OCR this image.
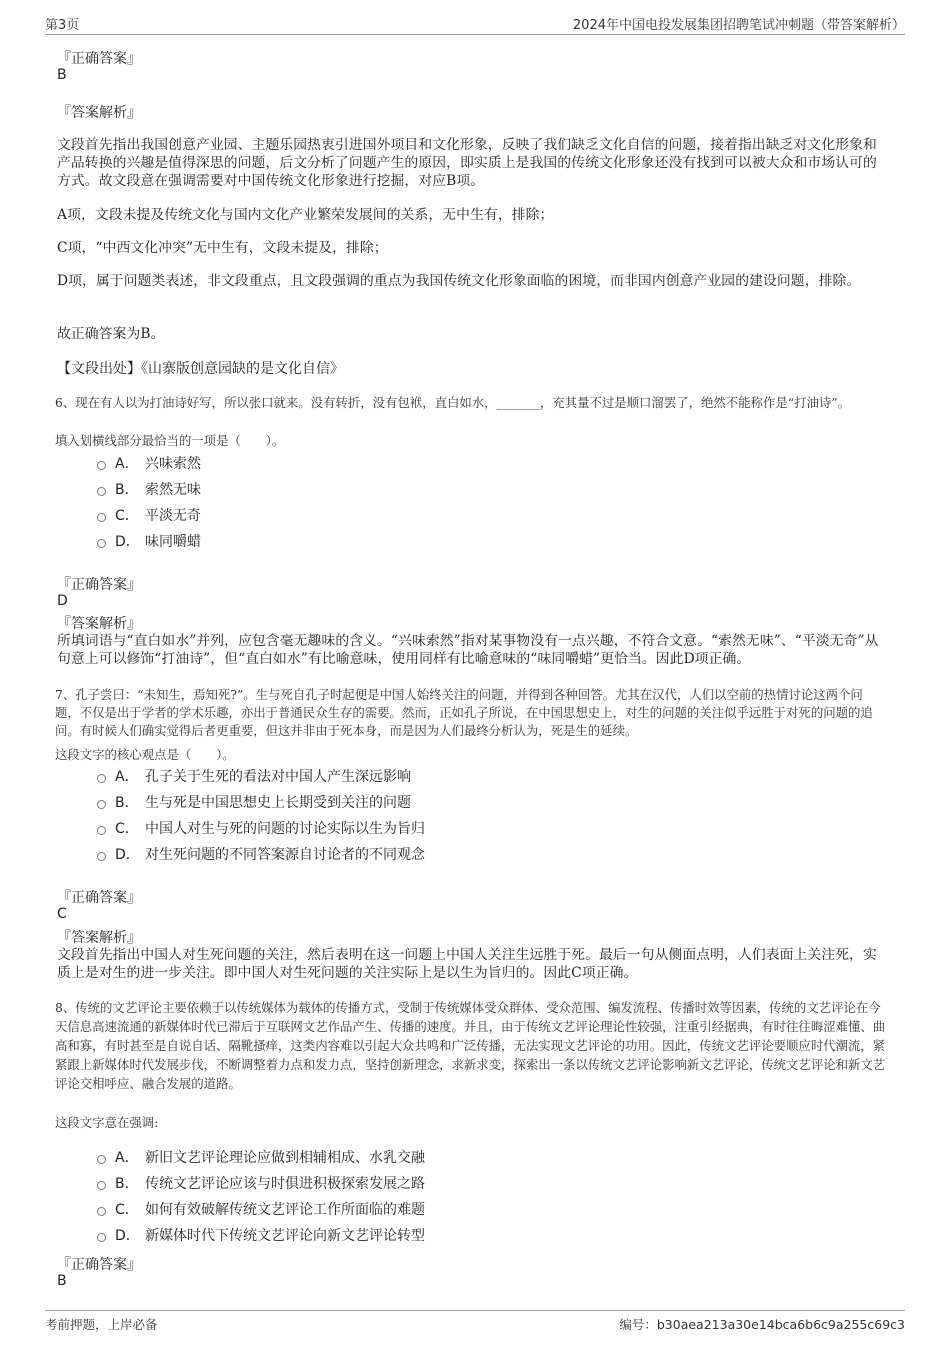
第3页	2024年中国电投发展集团招聘笔试冲刺题（带答案解析）
『正确答案』
B
『答案解析』
文段首先指出我国创意产业园、主题乐园热衷引进国外项目和文化形象，反映了我们缺乏文化自信的问题，接着指出缺乏对文化形象和产品转换的兴趣是值得深思的问题，后文分析了问题产生的原因，即实质上是我国的传统文化形象还没有找到可以被大众和市场认可的方式。故文段意在强调需要对中国传统文化形象进行挖掘，对应B项。
A项，文段未提及传统文化与国内文化产业繁荣发展间的关系，无中生有，排除；
C项，“中西文化冲突”无中生有，文段未提及，排除；
D项，属于问题类表述，非文段重点，且文段强调的重点为我国传统文化形象面临的困境，而非国内创意产业园的建设问题，排除。
故正确答案为B。
【文段出处】《山寨版创意园缺的是文化自信》
6、现在有人以为打油诗好写，所以张口就来。没有转折，没有包袱，直白如水，_______，充其量不过是顺口溜罢了，绝然不能称作是“打油诗”。
填入划横线部分最恰当的一项是（　　）。
A． 兴味索然
B． 索然无味
C． 平淡无奇
D． 味同嚼蜡
『正确答案』
D
『答案解析』
所填词语与“直白如水”并列，应包含毫无趣味的含义。“兴味索然”指对某事物没有一点兴趣，不符合文意。“索然无味”、“平淡无奇”从句意上可以修饰“打油诗”，但“直白如水”有比喻意味，使用同样有比喻意味的“味同嚼蜡”更恰当。因此D项正确。
7、孔子尝曰：“未知生，焉知死?”。生与死自孔子时起便是中国人始终关注的问题，并得到各种回答。尤其在汉代，人们以空前的热情讨论这两个问题，不仅是出于学者的学术乐趣，亦出于普通民众生存的需要。然而，正如孔子所说，在中国思想史上，对生的问题的关注似乎远胜于对死的问题的追问。有时候人们确实觉得后者更重要，但这并非由于死本身，而是因为人们最终分析认为，死是生的延续。
这段文字的核心观点是（　　）。
A． 孔子关于生死的看法对中国人产生深远影响
B． 生与死是中国思想史上长期受到关注的问题
C． 中国人对生与死的问题的讨论实际以生为旨归
D． 对生死问题的不同答案源自讨论者的不同观念
『正确答案』
C
『答案解析』
文段首先指出中国人对生死问题的关注，然后表明在这一问题上中国人关注生远胜于死。最后一句从侧面点明，人们表面上关注死，实质上是对生的进一步关注。即中国人对生死问题的关注实际上是以生为旨归的。因此C项正确。
8、传统的文艺评论主要依赖于以传统媒体为载体的传播方式，受制于传统媒体受众群体、受众范围、编发流程、传播时效等因素，传统的文艺评论在今天信息高速流通的新媒体时代已滞后于互联网文艺作品产生、传播的速度。并且，由于传统文艺评论理论性较强，注重引经据典，有时往往晦涩难懂、曲高和寡，有时甚至是自说自话、隔靴搔痒，这类内容难以引起大众共鸣和广泛传播，无法实现文艺评论的功用。因此，传统文艺评论要顺应时代潮流，紧紧跟上新媒体时代发展步伐，不断调整着力点和发力点，坚持创新理念，求新求变，探索出一条以传统文艺评论影响新文艺评论，传统文艺评论和新文艺评论交相呼应、融合发展的道路。
这段文字意在强调:
A． 新旧文艺评论理论应做到相辅相成、水乳交融
B． 传统文艺评论应该与时俱进积极探索发展之路
C． 如何有效破解传统文艺评论工作所面临的难题
D． 新媒体时代下传统文艺评论向新文艺评论转型
『正确答案』
B
考前押题，上岸必备	编号：b30aea213a30e14bca6b6c9a255c69c3
